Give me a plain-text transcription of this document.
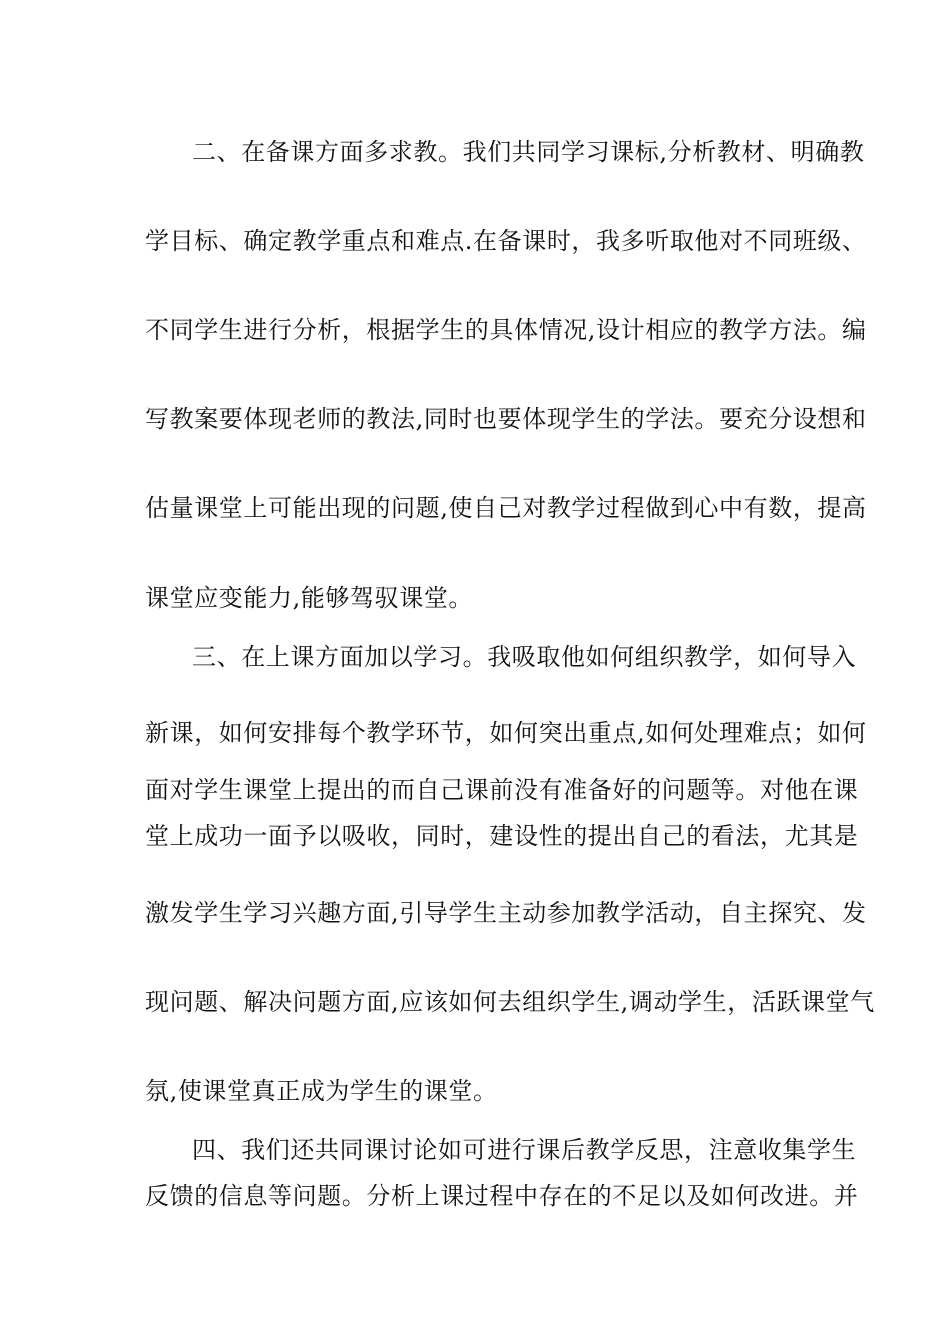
二、在备课方面多求教。我们共同学习课标,分析教材、明确教
学目标、确定教学重点和难点.在备课时，我多听取他对不同班级、
不同学生进行分析，根据学生的具体情况,设计相应的教学方法。编
写教案要体现老师的教法,同时也要体现学生的学法。要充分设想和
估量课堂上可能出现的问题,使自己对教学过程做到心中有数，提高
课堂应变能力,能够驾驭课堂。
三、在上课方面加以学习。我吸取他如何组织教学，如何导入
新课，如何安排每个教学环节，如何突出重点,如何处理难点；如何
面对学生课堂上提出的而自己课前没有准备好的问题等。对他在课
堂上成功一面予以吸收，同时，建设性的提出自己的看法，尤其是
激发学生学习兴趣方面,引导学生主动参加教学活动，自主探究、发
现问题、解决问题方面,应该如何去组织学生,调动学生，活跃课堂气
氛,使课堂真正成为学生的课堂。
四、我们还共同课讨论如可进行课后教学反思，注意收集学生
反馈的信息等问题。分析上课过程中存在的不足以及如何改进。并
